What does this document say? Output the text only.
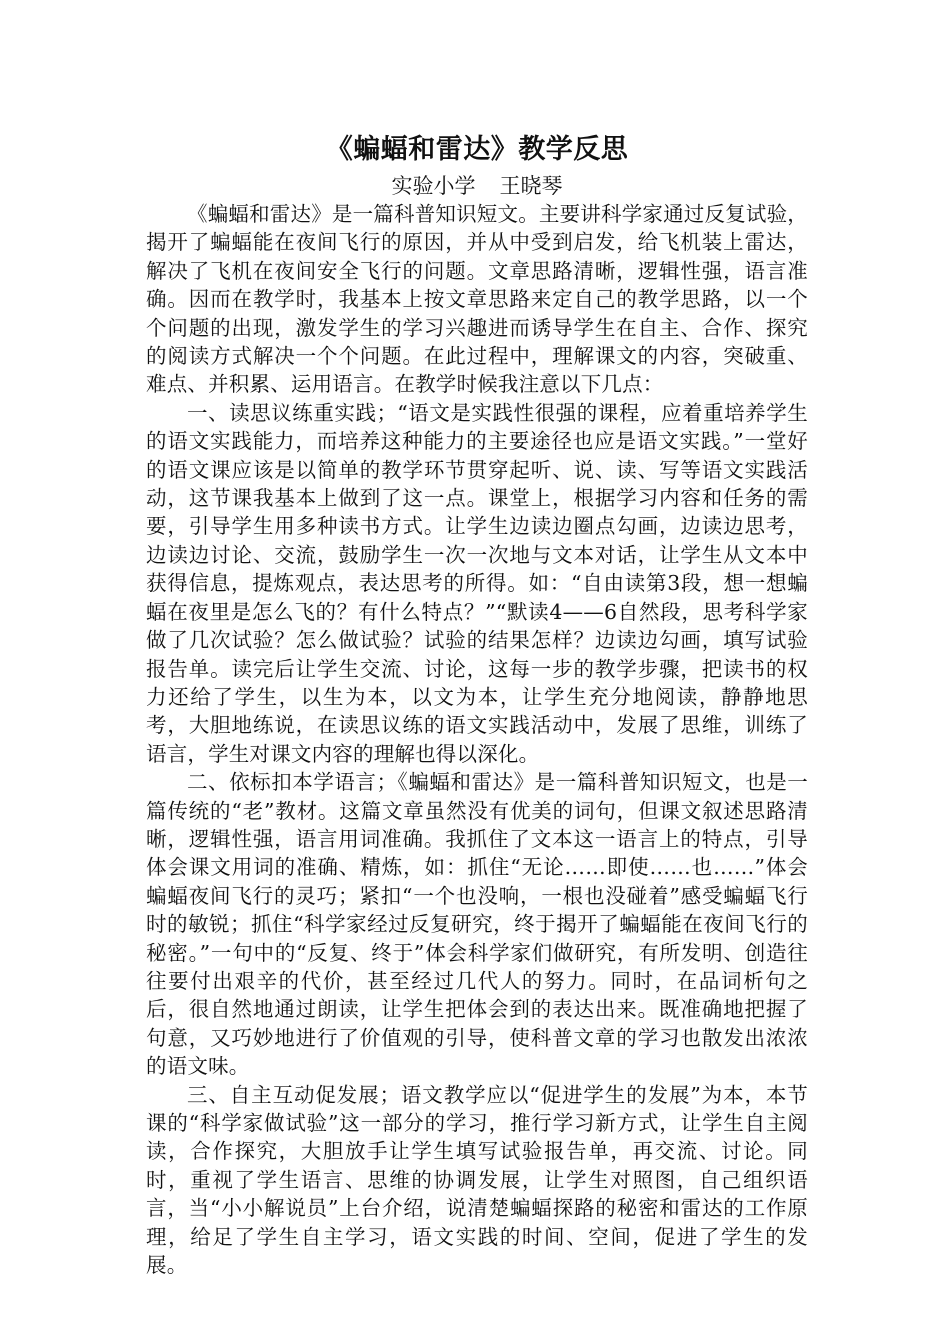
《蝙蝠和雷达》教学反思

实验小学 王晓琴

《蝙蝠和雷达》是一篇科普知识短文。主要讲科学家通过反复试验，揭开了蝙蝠能在夜间飞行的原因，并从中受到启发，给飞机装上雷达，解决了飞机在夜间安全飞行的问题。文章思路清晰，逻辑性强，语言准确。因而在教学时，我基本上按文章思路来定自己的教学思路，以一个个问题的出现，激发学生的学习兴趣进而诱导学生在自主、合作、探究的阅读方式解决一个个问题。在此过程中，理解课文的内容，突破重、难点、并积累、运用语言。在教学时候我注意以下几点：

一、读思议练重实践；“语文是实践性很强的课程，应着重培养学生的语文实践能力，而培养这种能力的主要途径也应是语文实践。”一堂好的语文课应该是以简单的教学环节贯穿起听、说、读、写等语文实践活动，这节课我基本上做到了这一点。课堂上，根据学习内容和任务的需要，引导学生用多种读书方式。让学生边读边圈点勾画，边读边思考，边读边讨论、交流，鼓励学生一次一次地与文本对话，让学生从文本中获得信息，提炼观点，表达思考的所得。如：“自由读第3段，想一想蝙蝠在夜里是怎么飞的？有什么特点？”“默读4——6自然段，思考科学家做了几次试验？怎么做试验？试验的结果怎样？边读边勾画，填写试验报告单。读完后让学生交流、讨论，这每一步的教学步骤，把读书的权力还给了学生，以生为本，以文为本，让学生充分地阅读，静静地思考，大胆地练说，在读思议练的语文实践活动中，发展了思维，训练了语言，学生对课文内容的理解也得以深化。

二、依标扣本学语言；《蝙蝠和雷达》是一篇科普知识短文，也是一篇传统的“老”教材。这篇文章虽然没有优美的词句，但课文叙述思路清晰，逻辑性强，语言用词准确。我抓住了文本这一语言上的特点，引导体会课文用词的准确、精炼，如：抓住“无论……即使……也……”体会蝙蝠夜间飞行的灵巧；紧扣“一个也没响，一根也没碰着”感受蝙蝠飞行时的敏锐；抓住“科学家经过反复研究，终于揭开了蝙蝠能在夜间飞行的秘密。”一句中的“反复、终于”体会科学家们做研究，有所发明、创造往往要付出艰辛的代价，甚至经过几代人的努力。同时，在品词析句之后，很自然地通过朗读，让学生把体会到的表达出来。既准确地把握了句意，又巧妙地进行了价值观的引导，使科普文章的学习也散发出浓浓的语文味。

三、自主互动促发展；语文教学应以“促进学生的发展”为本，本节课的“科学家做试验”这一部分的学习，推行学习新方式，让学生自主阅读，合作探究，大胆放手让学生填写试验报告单，再交流、讨论。同时，重视了学生语言、思维的协调发展，让学生对照图，自己组织语言，当“小小解说员”上台介绍，说清楚蝙蝠探路的秘密和雷达的工作原理，给足了学生自主学习，语文实践的时间、空间，促进了学生的发展。
